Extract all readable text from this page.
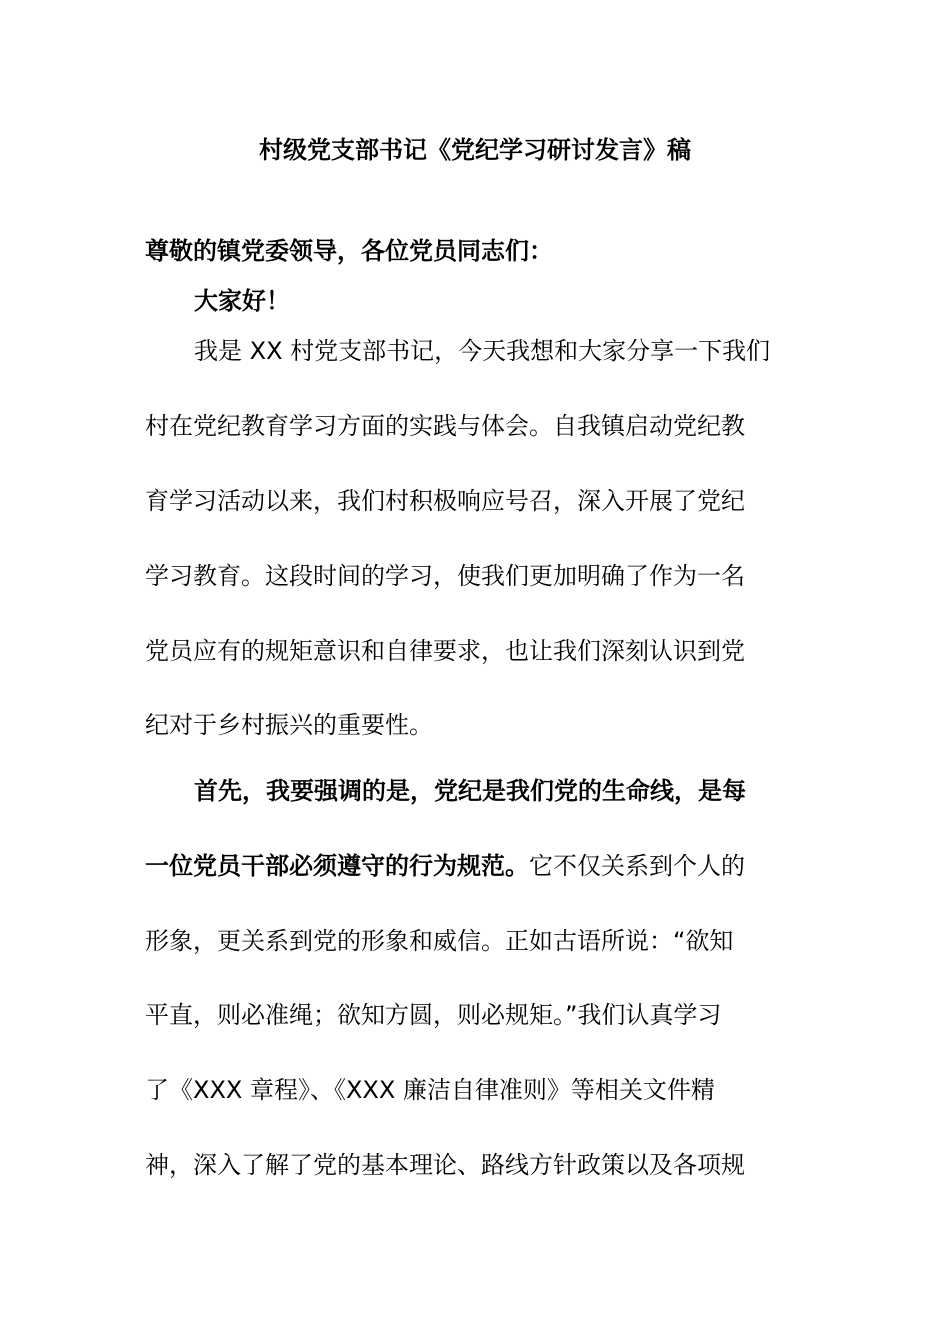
村级党支部书记《党纪学习研讨发言》稿

尊敬的镇党委领导，各位党员同志们：

大家好！

我是 XX 村党支部书记，今天我想和大家分享一下我们

村在党纪教育学习方面的实践与体会。自我镇启动党纪教

育学习活动以来，我们村积极响应号召，深入开展了党纪

学习教育。这段时间的学习，使我们更加明确了作为一名

党员应有的规矩意识和自律要求，也让我们深刻认识到党

纪对于乡村振兴的重要性。

首先，我要强调的是，党纪是我们党的生命线，是每

一位党员干部必须遵守的行为规范。它不仅关系到个人的

形象，更关系到党的形象和威信。正如古语所说：“欲知

平直，则必准绳；欲知方圆，则必规矩。”我们认真学习

了《XXX 章程》、《XXX 廉洁自律准则》等相关文件精

神，深入了解了党的基本理论、路线方针政策以及各项规
